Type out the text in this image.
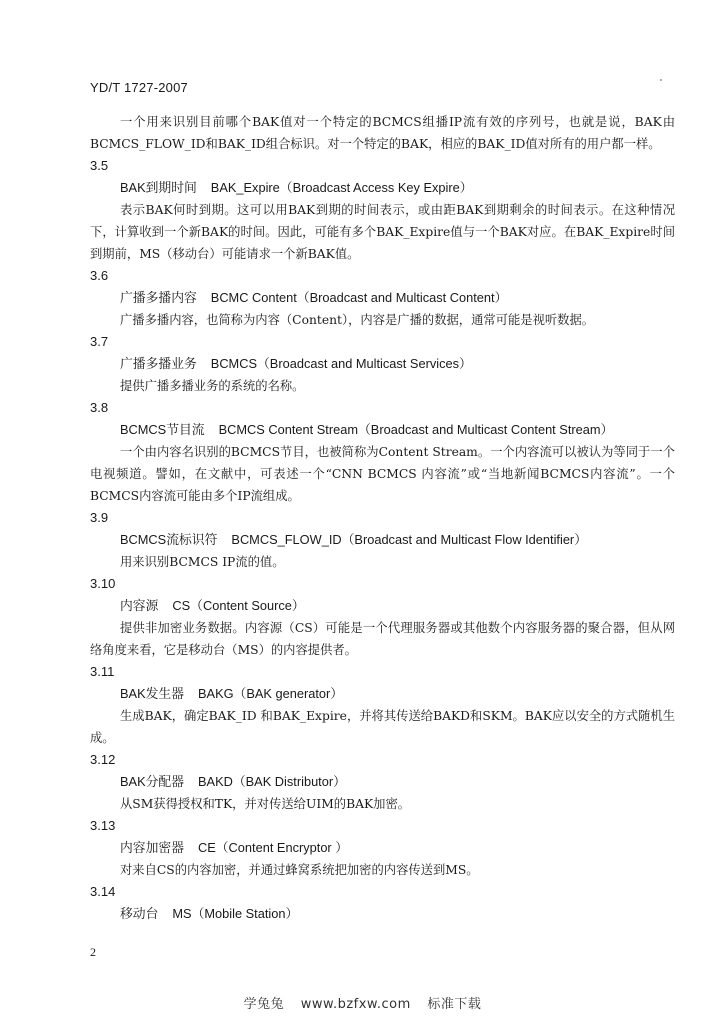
YD/T 1727-2007

一个用来识别目前哪个BAK值对一个特定的BCMCS组播IP流有效的序列号，也就是说，BAK由BCMCS_FLOW_ID和BAK_ID组合标识。对一个特定的BAK，相应的BAK_ID值对所有的用户都一样。

3.5
BAK到期时间 BAK_Expire（Broadcast Access Key Expire）

表示BAK何时到期。这可以用BAK到期的时间表示，或由距BAK到期剩余的时间表示。在这种情况下，计算收到一个新BAK的时间。因此，可能有多个BAK_Expire值与一个BAK对应。在BAK_Expire时间到期前，MS（移动台）可能请求一个新BAK值。

3.6
广播多播内容 BCMC Content（Broadcast and Multicast Content）

广播多播内容，也简称为内容（Content），内容是广播的数据，通常可能是视听数据。

3.7
广播多播业务 BCMCS（Broadcast and Multicast Services）

提供广播多播业务的系统的名称。

3.8
BCMCS节目流 BCMCS Content Stream（Broadcast and Multicast Content Stream）

一个由内容名识别的BCMCS节目，也被简称为Content Stream。一个内容流可以被认为等同于一个电视频道。譬如，在文献中，可表述一个“CNN BCMCS 内容流”或“当地新闻BCMCS内容流”。一个BCMCS内容流可能由多个IP流组成。

3.9
BCMCS流标识符 BCMCS_FLOW_ID（Broadcast and Multicast Flow Identifier）

用来识别BCMCS IP流的值。

3.10
内容源 CS（Content Source）

提供非加密业务数据。内容源（CS）可能是一个代理服务器或其他数个内容服务器的聚合器，但从网络角度来看，它是移动台（MS）的内容提供者。

3.11
BAK发生器 BAKG（BAK generator）

生成BAK，确定BAK_ID 和BAK_Expire，并将其传送给BAKD和SKM。BAK应以安全的方式随机生成。

3.12
BAK分配器 BAKD（BAK Distributor）

从SM获得授权和TK，并对传送给UIM的BAK加密。

3.13
内容加密器 CE（Content Encryptor ）

对来自CS的内容加密，并通过蜂窝系统把加密的内容传送到MS。

3.14
移动台 MS（Mobile Station）
2
学兔兔 www.bzfxw.com 标准下载
